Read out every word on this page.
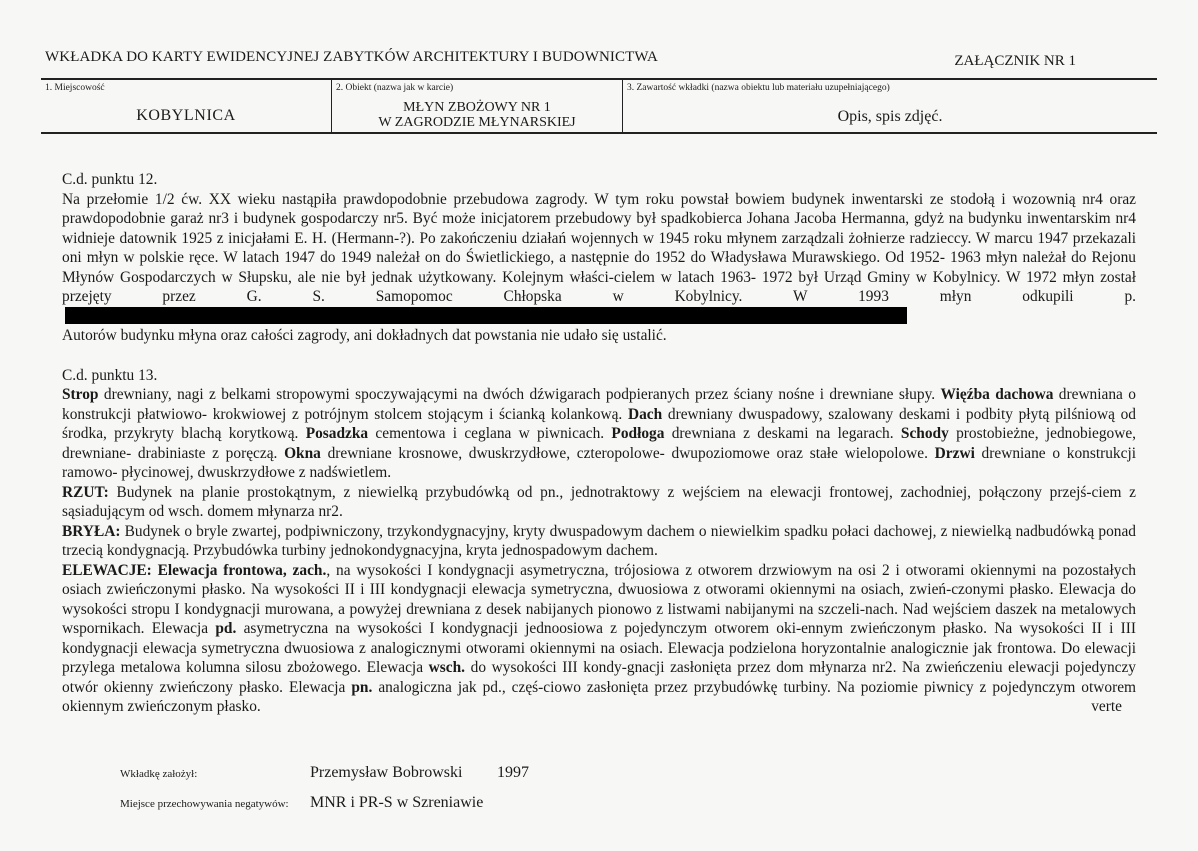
WKŁADKA DO KARTY EWIDENCYJNEJ ZABYTKÓW ARCHITEKTURY I BUDOWNICTWA	ZAŁĄCZNIK NR 1
1. Miejscowość
KOBYLNICA
2. Obiekt (nazwa jak w karcie)
MŁYN ZBOŻOWY NR 1
W ZAGRODZIE MŁYNARSKIEJ
3. Zawartość wkładki (nazwa obiektu lub materiału uzupełniającego)
Opis, spis zdjęć.

C.d. punktu 12.

Na przełomie 1/2 ćw. XX wieku nastąpiła prawdopodobnie przebudowa zagrody. W tym roku powstał bowiem budynek inwentarski ze stodołą i wozownią nr4 oraz prawdopodobnie garaż nr3 i budynek gospodarczy nr5. Być może inicjatorem przebudowy był spadkobierca Johana Jacoba Hermanna, gdyż na budynku inwentarskim nr4 widnieje datownik 1925 z inicjałami E. H. (Hermann-?). Po zakończeniu działań wojennych w 1945 roku młynem zarządzali żołnierze radzieccy. W marcu 1947 przekazali oni młyn w polskie ręce. W latach 1947 do 1949 należał on do Świetlickiego, a następnie do 1952 do Władysława Murawskiego. Od 1952- 1963 młyn należał do Rejonu Młynów Gospodarczych w Słupsku, ale nie był jednak użytkowany. Kolejnym właści-cielem w latach 1963- 1972 był Urząd Gminy w Kobylnicy. W 1972 młyn został przejęty przez G. S. Samopomoc Chłopska w Kobylnicy. W 1993 młyn odkupili p.

Autorów budynku młyna oraz całości zagrody, ani dokładnych dat powstania nie udało się ustalić.

C.d. punktu 13.

Strop drewniany, nagi z belkami stropowymi spoczywającymi na dwóch dźwigarach podpieranych przez ściany nośne i drewniane słupy. Więźba dachowa drewniana o konstrukcji płatwiowo- krokwiowej z potrójnym stolcem stojącym i ścianką kolankową. Dach drewniany dwuspadowy, szalowany deskami i podbity płytą pilśniową od środka, przykryty blachą korytkową. Posadzka cementowa i ceglana w piwnicach. Podłoga drewniana z deskami na legarach. Schody prostobieżne, jednobiegowe, drewniane- drabiniaste z poręczą. Okna drewniane krosnowe, dwuskrzydłowe, czteropolowe- dwupoziomowe oraz stałe wielopolowe. Drzwi drewniane o konstrukcji ramowo- płycinowej, dwuskrzydłowe z nadświetlem.

RZUT: Budynek na planie prostokątnym, z niewielką przybudówką od pn., jednotraktowy z wejściem na elewacji frontowej, zachodniej, połączony przejś-ciem z sąsiadującym od wsch. domem młynarza nr2.

BRYŁA: Budynek o bryle zwartej, podpiwniczony, trzykondygnacyjny, kryty dwuspadowym dachem o niewielkim spadku połaci dachowej, z niewielką nadbudówką ponad trzecią kondygnacją. Przybudówka turbiny jednokondygnacyjna, kryta jednospadowym dachem.

ELEWACJE: Elewacja frontowa, zach., na wysokości I kondygnacji asymetryczna, trójosiowa z otworem drzwiowym na osi 2 i otworami okiennymi na pozostałych osiach zwieńczonymi płasko. Na wysokości II i III kondygnacji elewacja symetryczna, dwuosiowa z otworami okiennymi na osiach, zwień-czonymi płasko. Elewacja do wysokości stropu I kondygnacji murowana, a powyżej drewniana z desek nabijanych pionowo z listwami nabijanymi na szczeli-nach. Nad wejściem daszek na metalowych wspornikach. Elewacja pd. asymetryczna na wysokości I kondygnacji jednoosiowa z pojedynczym otworem oki-ennym zwieńczonym płasko. Na wysokości II i III kondygnacji elewacja symetryczna dwuosiowa z analogicznymi otworami okiennymi na osiach. Elewacja podzielona horyzontalnie analogicznie jak frontowa. Do elewacji przylega metalowa kolumna silosu zbożowego. Elewacja wsch. do wysokości III kondy-gnacji zasłonięta przez dom młynarza nr2. Na zwieńczeniu elewacji pojedynczy otwór okienny zwieńczony płasko. Elewacja pn. analogiczna jak pd., częś-ciowo zasłonięta przez przybudówkę turbiny. Na poziomie piwnicy z pojedynczym otworem okiennym zwieńczonym płasko.	verte

Wkładkę założył:	Przemysław Bobrowski 1997
Miejsce przechowywania negatywów: MNR i PR-S w Szreniawie
